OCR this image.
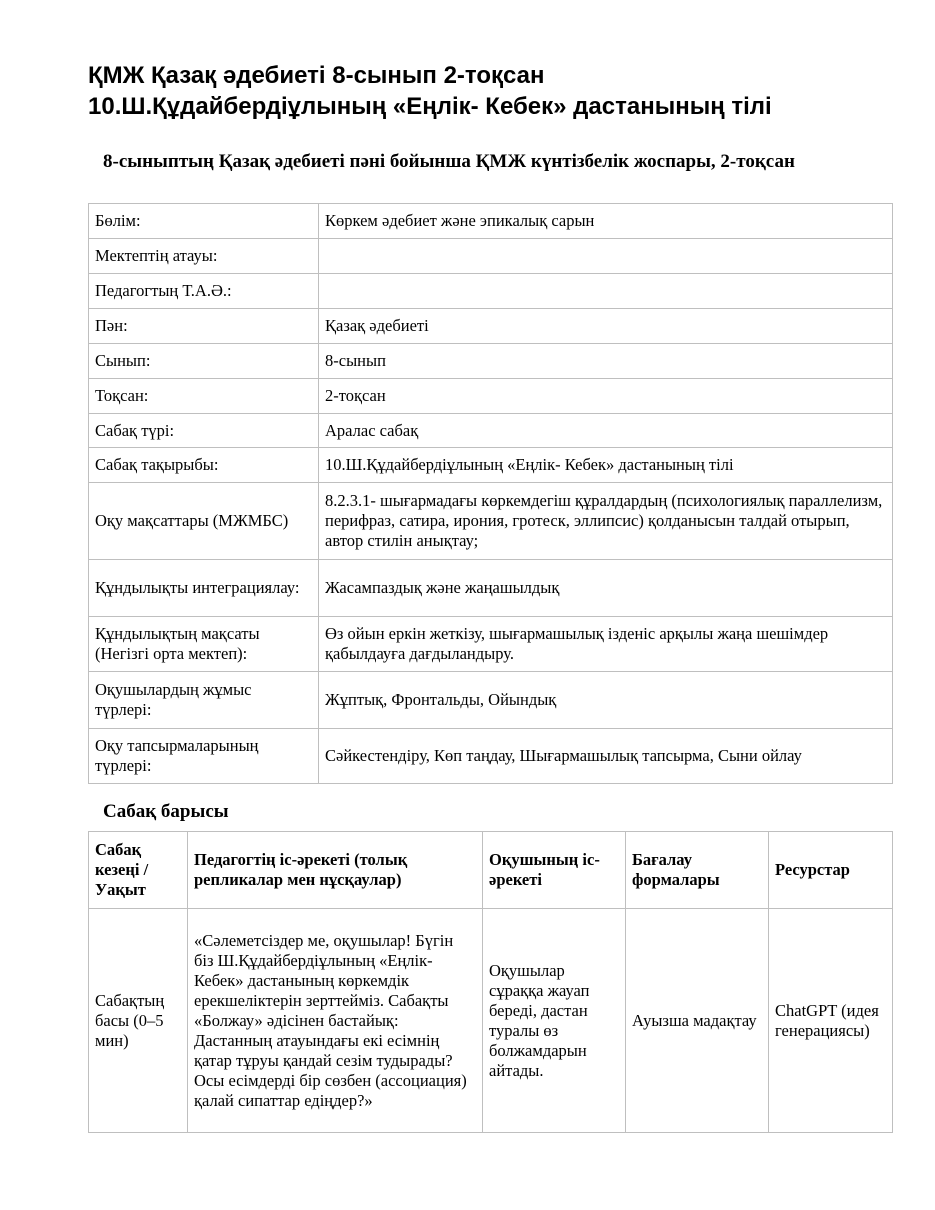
ҚМЖ Қазақ әдебиеті 8-сынып 2-тоқсан
10.Ш.Құдайбердіұлының «Еңлік- Кебек» дастанының тілі
8-сыныптың Қазақ әдебиеті пәні бойынша ҚМЖ күнтізбелік жоспары, 2-тоқсан
Бөлім:	Көркем әдебиет және эпикалық сарын
Мектептің атауы:	
Педагогтың Т.А.Ә.:	
Пән:	Қазақ әдебиеті
Сынып:	8-сынып
Тоқсан:	2-тоқсан
Сабақ түрі:	Аралас сабақ
Сабақ тақырыбы:	10.Ш.Құдайбердіұлының «Еңлік- Кебек» дастанының тілі
Оқу мақсаттары (МЖМБС)	8.2.3.1- шығармадағы көркемдегіш құралдардың (психологиялық параллелизм, перифраз, сатира, ирония, гротеск, эллипсис) қолданысын талдай отырып, автор стилін анықтау;
Құндылықты интеграциялау:	Жасампаздық және жаңашылдық
Құндылықтың мақсаты (Негізгі орта мектеп):	Өз ойын еркін жеткізу, шығармашылық ізденіс арқылы жаңа шешімдер қабылдауға дағдыландыру.
Оқушылардың жұмыс түрлері:	Жұптық, Фронтальды, Ойындық
Оқу тапсырмаларының түрлері:	Сәйкестендіру, Көп таңдау, Шығармашылық тапсырма, Сыни ойлау
Сабақ барысы
Сабақ кезеңі / Уақыт	Педагогтің іс-әрекеті (толық репликалар мен нұсқаулар)	Оқушының іс-әрекеті	Бағалау формалары	Ресурстар
Сабақтың басы (0–5 мин)	«Сәлеметсіздер ме, оқушылар! Бүгін біз Ш.Құдайбердіұлының «Еңлік-Кебек» дастанының көркемдік ерекшеліктерін зерттейміз. Сабақты «Болжау» әдісінен бастайық: Дастанның атауындағы екі есімнің қатар тұруы қандай сезім тудырады? Осы есімдерді бір сөзбен (ассоциация) қалай сипаттар едіңдер?»	Оқушылар сұраққа жауап береді, дастан туралы өз болжамдарын айтады.	Ауызша мадақтау	ChatGPT (идея генерациясы)
